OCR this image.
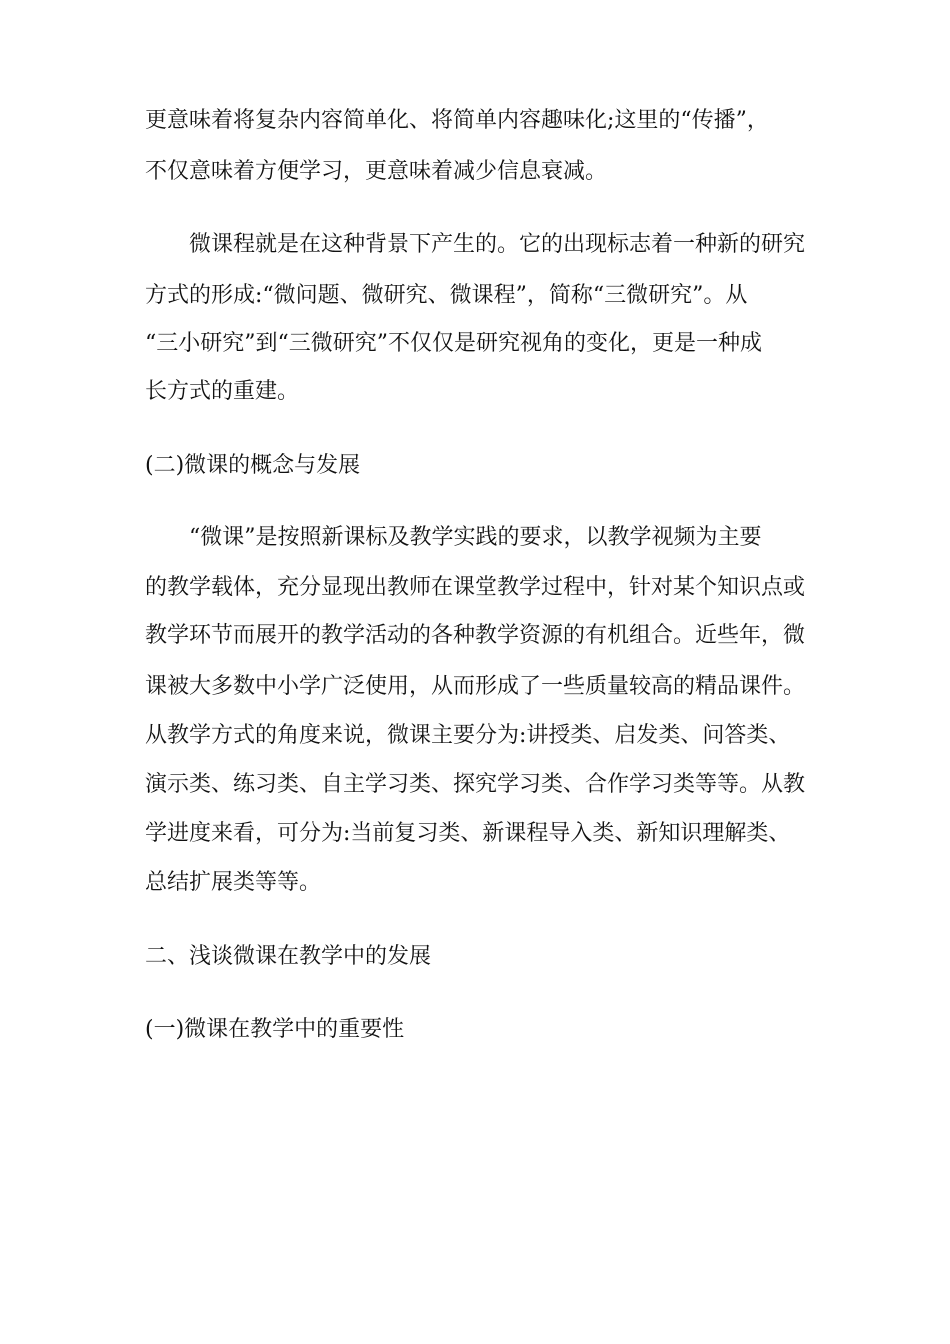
更意味着将复杂内容简单化、将简单内容趣味化;这里的“传播”，
不仅意味着方便学习，更意味着减少信息衰减。
　　微课程就是在这种背景下产生的。它的出现标志着一种新的研究
方式的形成:“微问题、微研究、微课程”，简称“三微研究”。从
“三小研究”到“三微研究”不仅仅是研究视角的变化，更是一种成
长方式的重建。
(二)微课的概念与发展
　　“微课”是按照新课标及教学实践的要求，以教学视频为主要
的教学载体，充分显现出教师在课堂教学过程中，针对某个知识点或
教学环节而展开的教学活动的各种教学资源的有机组合。近些年，微
课被大多数中小学广泛使用，从而形成了一些质量较高的精品课件。
从教学方式的角度来说，微课主要分为:讲授类、启发类、问答类、
演示类、练习类、自主学习类、探究学习类、合作学习类等等。从教
学进度来看，可分为:当前复习类、新课程导入类、新知识理解类、
总结扩展类等等。
二、浅谈微课在教学中的发展
(一)微课在教学中的重要性
